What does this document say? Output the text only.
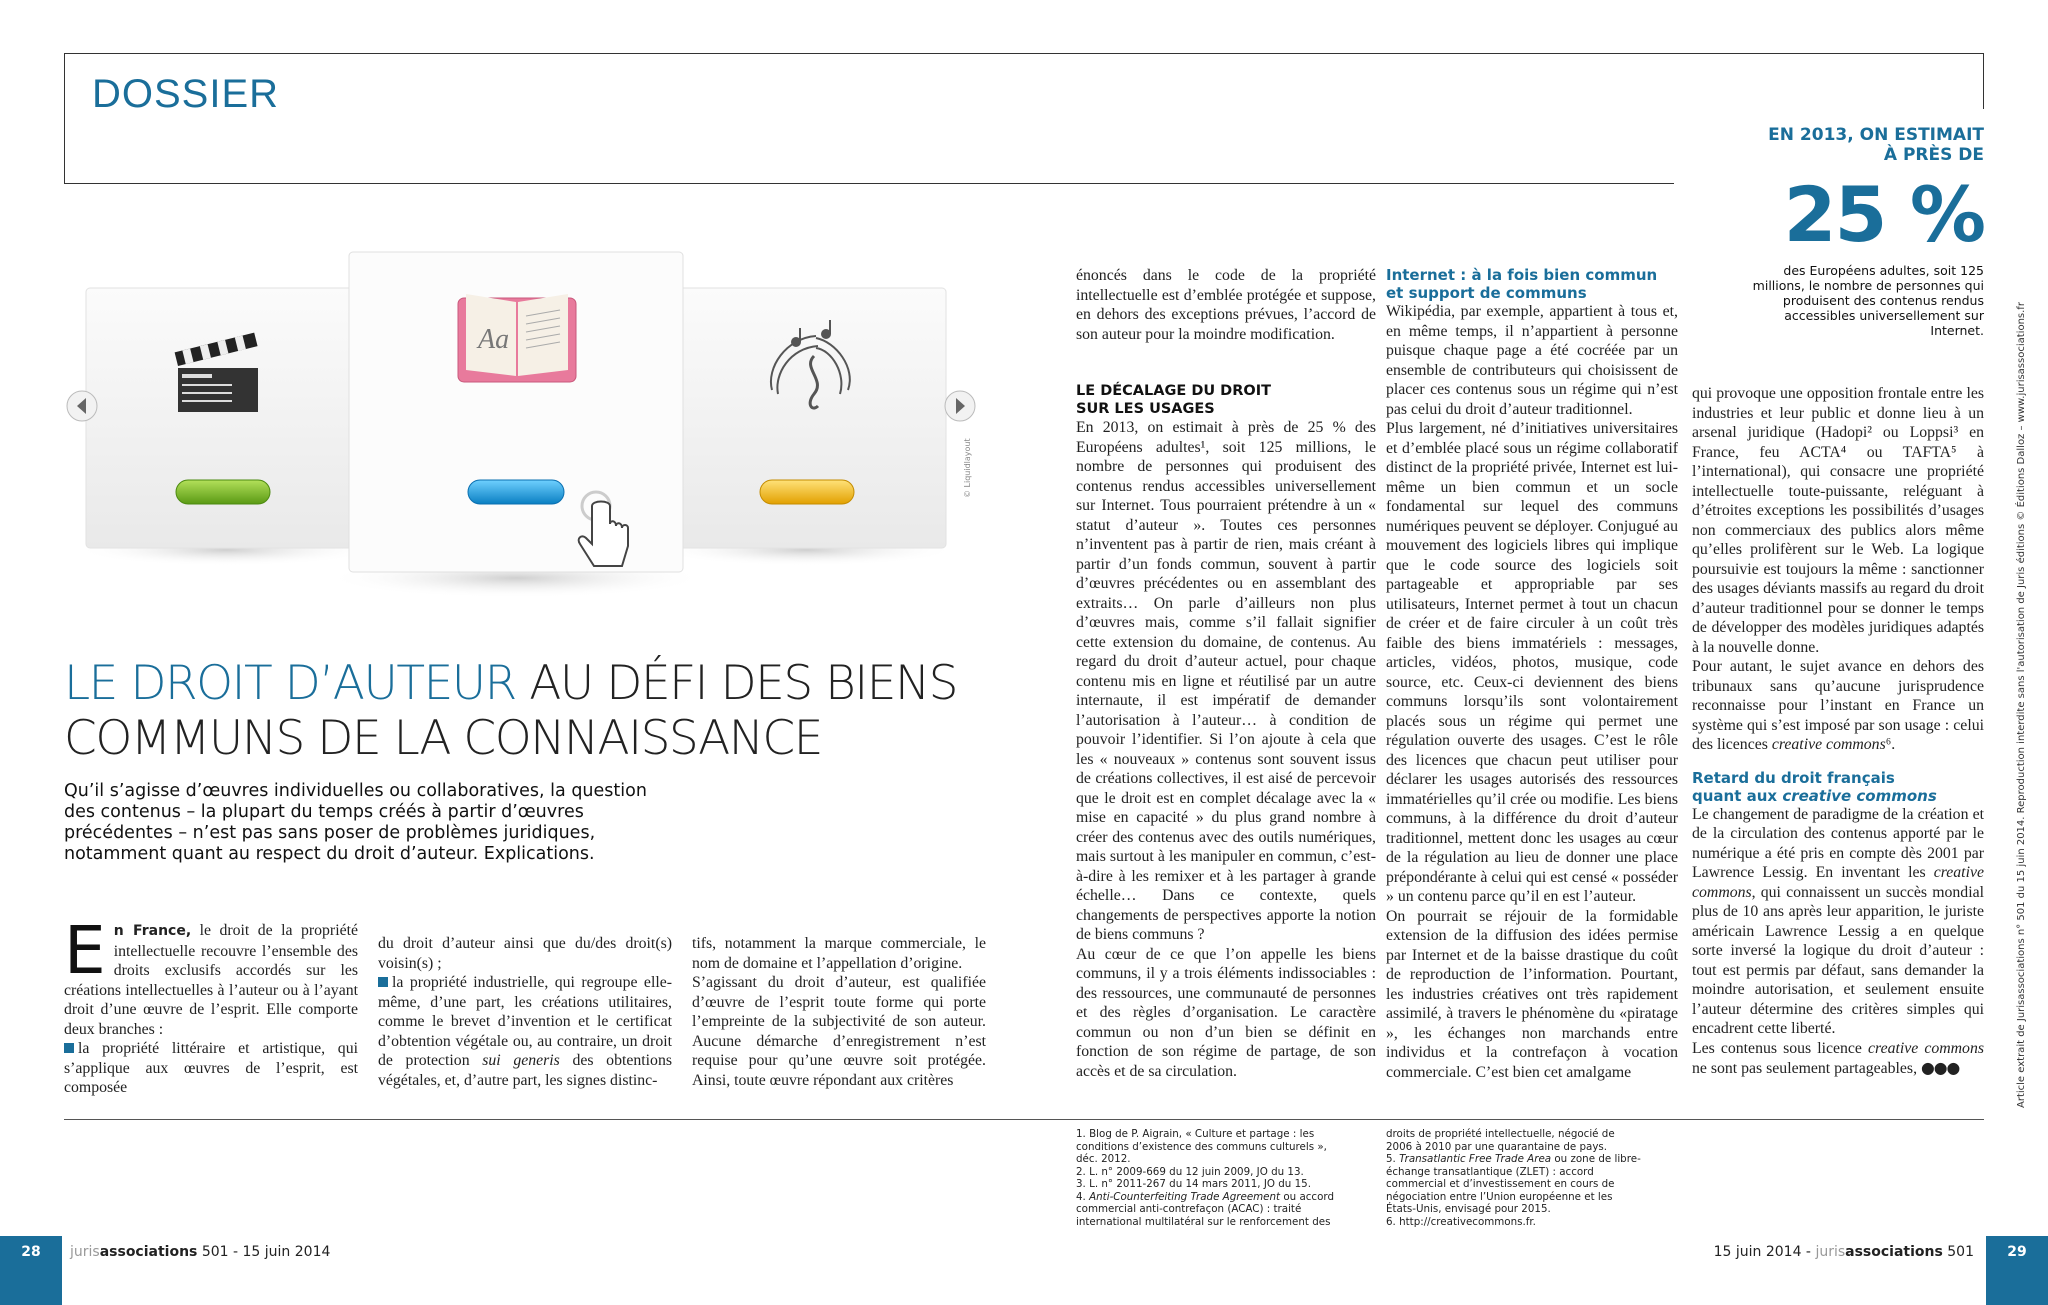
DOSSIER
EN 2013, ON ESTIMAIT
À PRÈS DE
25 %
des Européens adultes, soit 125 millions, le nombre de personnes qui produisent des contenus rendus accessibles universellement sur Internet.
Aa
© Liquidlayout	Article extrait de Jurisassociations n° 501 du 15 juin 2014. Reproduction interdite sans l'autorisation de Juris éditions © Éditions Dalloz – www.jurisassociations.fr
LE DROIT D’AUTEUR AU DÉFI DES BIENS
COMMUNS DE LA CONNAISSANCE
Qu’il s’agisse d’œuvres individuelles ou collaboratives, la question des contenus – la plupart du temps créés à partir d’œuvres précédentes – n’est pas sans poser de problèmes juridiques, notamment quant au respect du droit d’auteur. Explications.

En France, le droit de la propriété intellectuelle recouvre l’ensemble des droits exclusifs accordés sur les créations intellectuelles à l’auteur ou à l’ayant droit d’une œuvre de l’esprit. Elle comporte deux branches :

la propriété littéraire et artistique, qui s’applique aux œuvres de l’esprit, est composée

du droit d’auteur ainsi que du/des droit(s) voisin(s) ;

la propriété industrielle, qui regroupe elle-même, d’une part, les créations utilitaires, comme le brevet d’invention et le certificat d’obtention végétale ou, au contraire, un droit de protection sui generis des obtentions végétales, et, d’autre part, les signes distinc-

tifs, notamment la marque commerciale, le nom de domaine et l’appellation d’origine.

S’agissant du droit d’auteur, est qualifiée d’œuvre de l’esprit toute forme qui porte l’empreinte de la subjectivité de son auteur. Aucune démarche d’enregistrement n’est requise pour qu’une œuvre soit protégée. Ainsi, toute œuvre répondant aux critères

énoncés dans le code de la propriété intellectuelle est d’emblée protégée et suppose, en dehors des exceptions prévues, l’accord de son auteur pour la moindre modification.

LE DÉCALAGE DU DROIT
SUR LES USAGES

En 2013, on estimait à près de 25 % des Européens adultes¹, soit 125 millions, le nombre de personnes qui produisent des contenus rendus accessibles universellement sur Internet. Tous pourraient prétendre à un « statut d’auteur ». Toutes ces personnes n’inventent pas à partir de rien, mais créant à partir d’un fonds commun, souvent à partir d’œuvres précédentes ou en assemblant des extraits… On parle d’ailleurs non plus d’œuvres mais, comme s’il fallait signifier cette extension du domaine, de contenus. Au regard du droit d’auteur actuel, pour chaque contenu mis en ligne et réutilisé par un autre internaute, il est impératif de demander l’autorisation à l’auteur… à condition de pouvoir l’identifier. Si l’on ajoute à cela que les « nouveaux » contenus sont souvent issus de créations collectives, il est aisé de percevoir que le droit est en complet décalage avec la « mise en capacité » du plus grand nombre à créer des contenus avec des outils numériques, mais surtout à les manipuler en commun, c’est-à-dire à les remixer et à les partager à grande échelle… Dans ce contexte, quels changements de perspectives apporte la notion de biens communs ?

Au cœur de ce que l’on appelle les biens communs, il y a trois éléments indissociables : des ressources, une communauté de personnes et des règles d’organisation. Le caractère commun ou non d’un bien se définit en fonction de son régime de partage, de son accès et de sa circulation.

Internet : à la fois bien commun
et support de communs

Wikipédia, par exemple, appartient à tous et, en même temps, il n’appartient à personne puisque chaque page a été cocréée par un ensemble de contributeurs qui choisissent de placer ces contenus sous un régime qui n’est pas celui du droit d’auteur traditionnel.

Plus largement, né d’initiatives universitaires et d’emblée placé sous un régime collaboratif distinct de la propriété privée, Internet est lui-même un bien commun et un socle fondamental sur lequel des communs numériques peuvent se déployer. Conjugué au mouvement des logiciels libres qui implique que le code source des logiciels soit partageable et appropriable par ses utilisateurs, Internet permet à tout un chacun de créer et de faire circuler à un coût très faible des biens immatériels : messages, articles, vidéos, photos, musique, code source, etc. Ceux-ci deviennent des biens communs lorsqu’ils sont volontairement placés sous un régime qui permet une régulation ouverte des usages. C’est le rôle des licences que chacun peut utiliser pour déclarer les usages autorisés des ressources immatérielles qu’il crée ou modifie. Les biens communs, à la différence du droit d’auteur traditionnel, mettent donc les usages au cœur de la régulation au lieu de donner une place prépondérante à celui qui est censé « posséder » un contenu parce qu’il en est l’auteur.

On pourrait se réjouir de la formidable extension de la diffusion des idées permise par Internet et de la baisse drastique du coût de reproduction de l’information. Pourtant, les industries créatives ont très rapidement assimilé, à travers le phénomène du «piratage », les échanges non marchands entre individus et la contrefaçon à vocation commerciale. C’est bien cet amalgame

qui provoque une opposition frontale entre les industries et leur public et donne lieu à un arsenal juridique (Hadopi² ou Loppsi³ en France, feu ACTA⁴ ou TAFTA⁵ à l’international), qui consacre une propriété intellectuelle toute-puissante, reléguant à d’étroites exceptions les possibilités d’usages non commerciaux des publics alors même qu’elles prolifèrent sur le Web. La logique poursuivie est toujours la même : sanctionner des usages déviants massifs au regard du droit d’auteur traditionnel pour se donner le temps de développer des modèles juridiques adaptés à la nouvelle donne.

Pour autant, le sujet avance en dehors des tribunaux sans qu’aucune jurisprudence reconnaisse pour l’instant en France un système qui s’est imposé par son usage : celui des licences creative commons⁶.

Retard du droit français
quant aux creative commons

Le changement de paradigme de la création et de la circulation des contenus apporté par le numérique a été pris en compte dès 2001 par Lawrence Lessig. En inventant les creative commons, qui connaissent un succès mondial plus de 10 ans après leur apparition, le juriste américain Lawrence Lessig a en quelque sorte inversé la logique du droit d’auteur : tout est permis par défaut, sans demander la moindre autorisation, et seulement ensuite l’auteur détermine des critères simples qui encadrent cette liberté.

Les contenus sous licence creative commons ne sont pas seulement partageables, ●●●

1. Blog de P. Aigrain, « Culture et partage : les conditions d’existence des communs culturels », déc. 2012.

2. L. n° 2009-669 du 12 juin 2009, JO du 13.

3. L. n° 2011-267 du 14 mars 2011, JO du 15.

4. Anti-Counterfeiting Trade Agreement ou accord commercial anti-contrefaçon (ACAC) : traité international multilatéral sur le renforcement des

droits de propriété intellectuelle, négocié de 2006 à 2010 par une quarantaine de pays.

5. Transatlantic Free Trade Area ou zone de libre-échange transatlantique (ZLET) : accord commercial et d’investissement en cours de négociation entre l’Union européenne et les États-Unis, envisagé pour 2015.

6. http://creativecommons.fr.

28	jurisassociations 501 - 15 juin 2014	15 juin 2014 - jurisassociations 501	29
